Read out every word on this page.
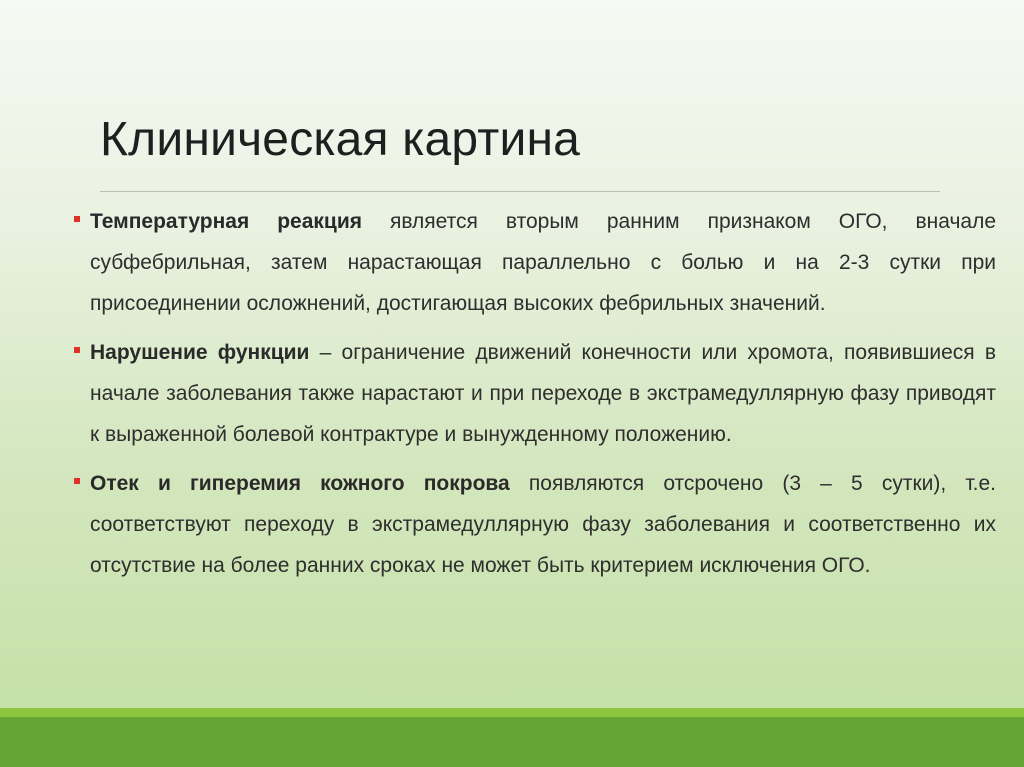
Клиническая картина
Температурная реакция является вторым ранним признаком ОГО, вначале субфебрильная, затем нарастающая параллельно с болью и на 2-3 сутки при присоединении осложнений, достигающая высоких фебрильных значений.
Нарушение функции – ограничение движений конечности или хромота, появившиеся в начале заболевания также нарастают и при переходе в экстрамедуллярную фазу приводят к выраженной болевой контрактуре и вынужденному положению.
Отек и гиперемия кожного покрова появляются отсрочено (3 – 5 сутки), т.е. соответствуют переходу в экстрамедуллярную фазу заболевания и соответственно их отсутствие на более ранних сроках не может быть критерием исключения ОГО.
